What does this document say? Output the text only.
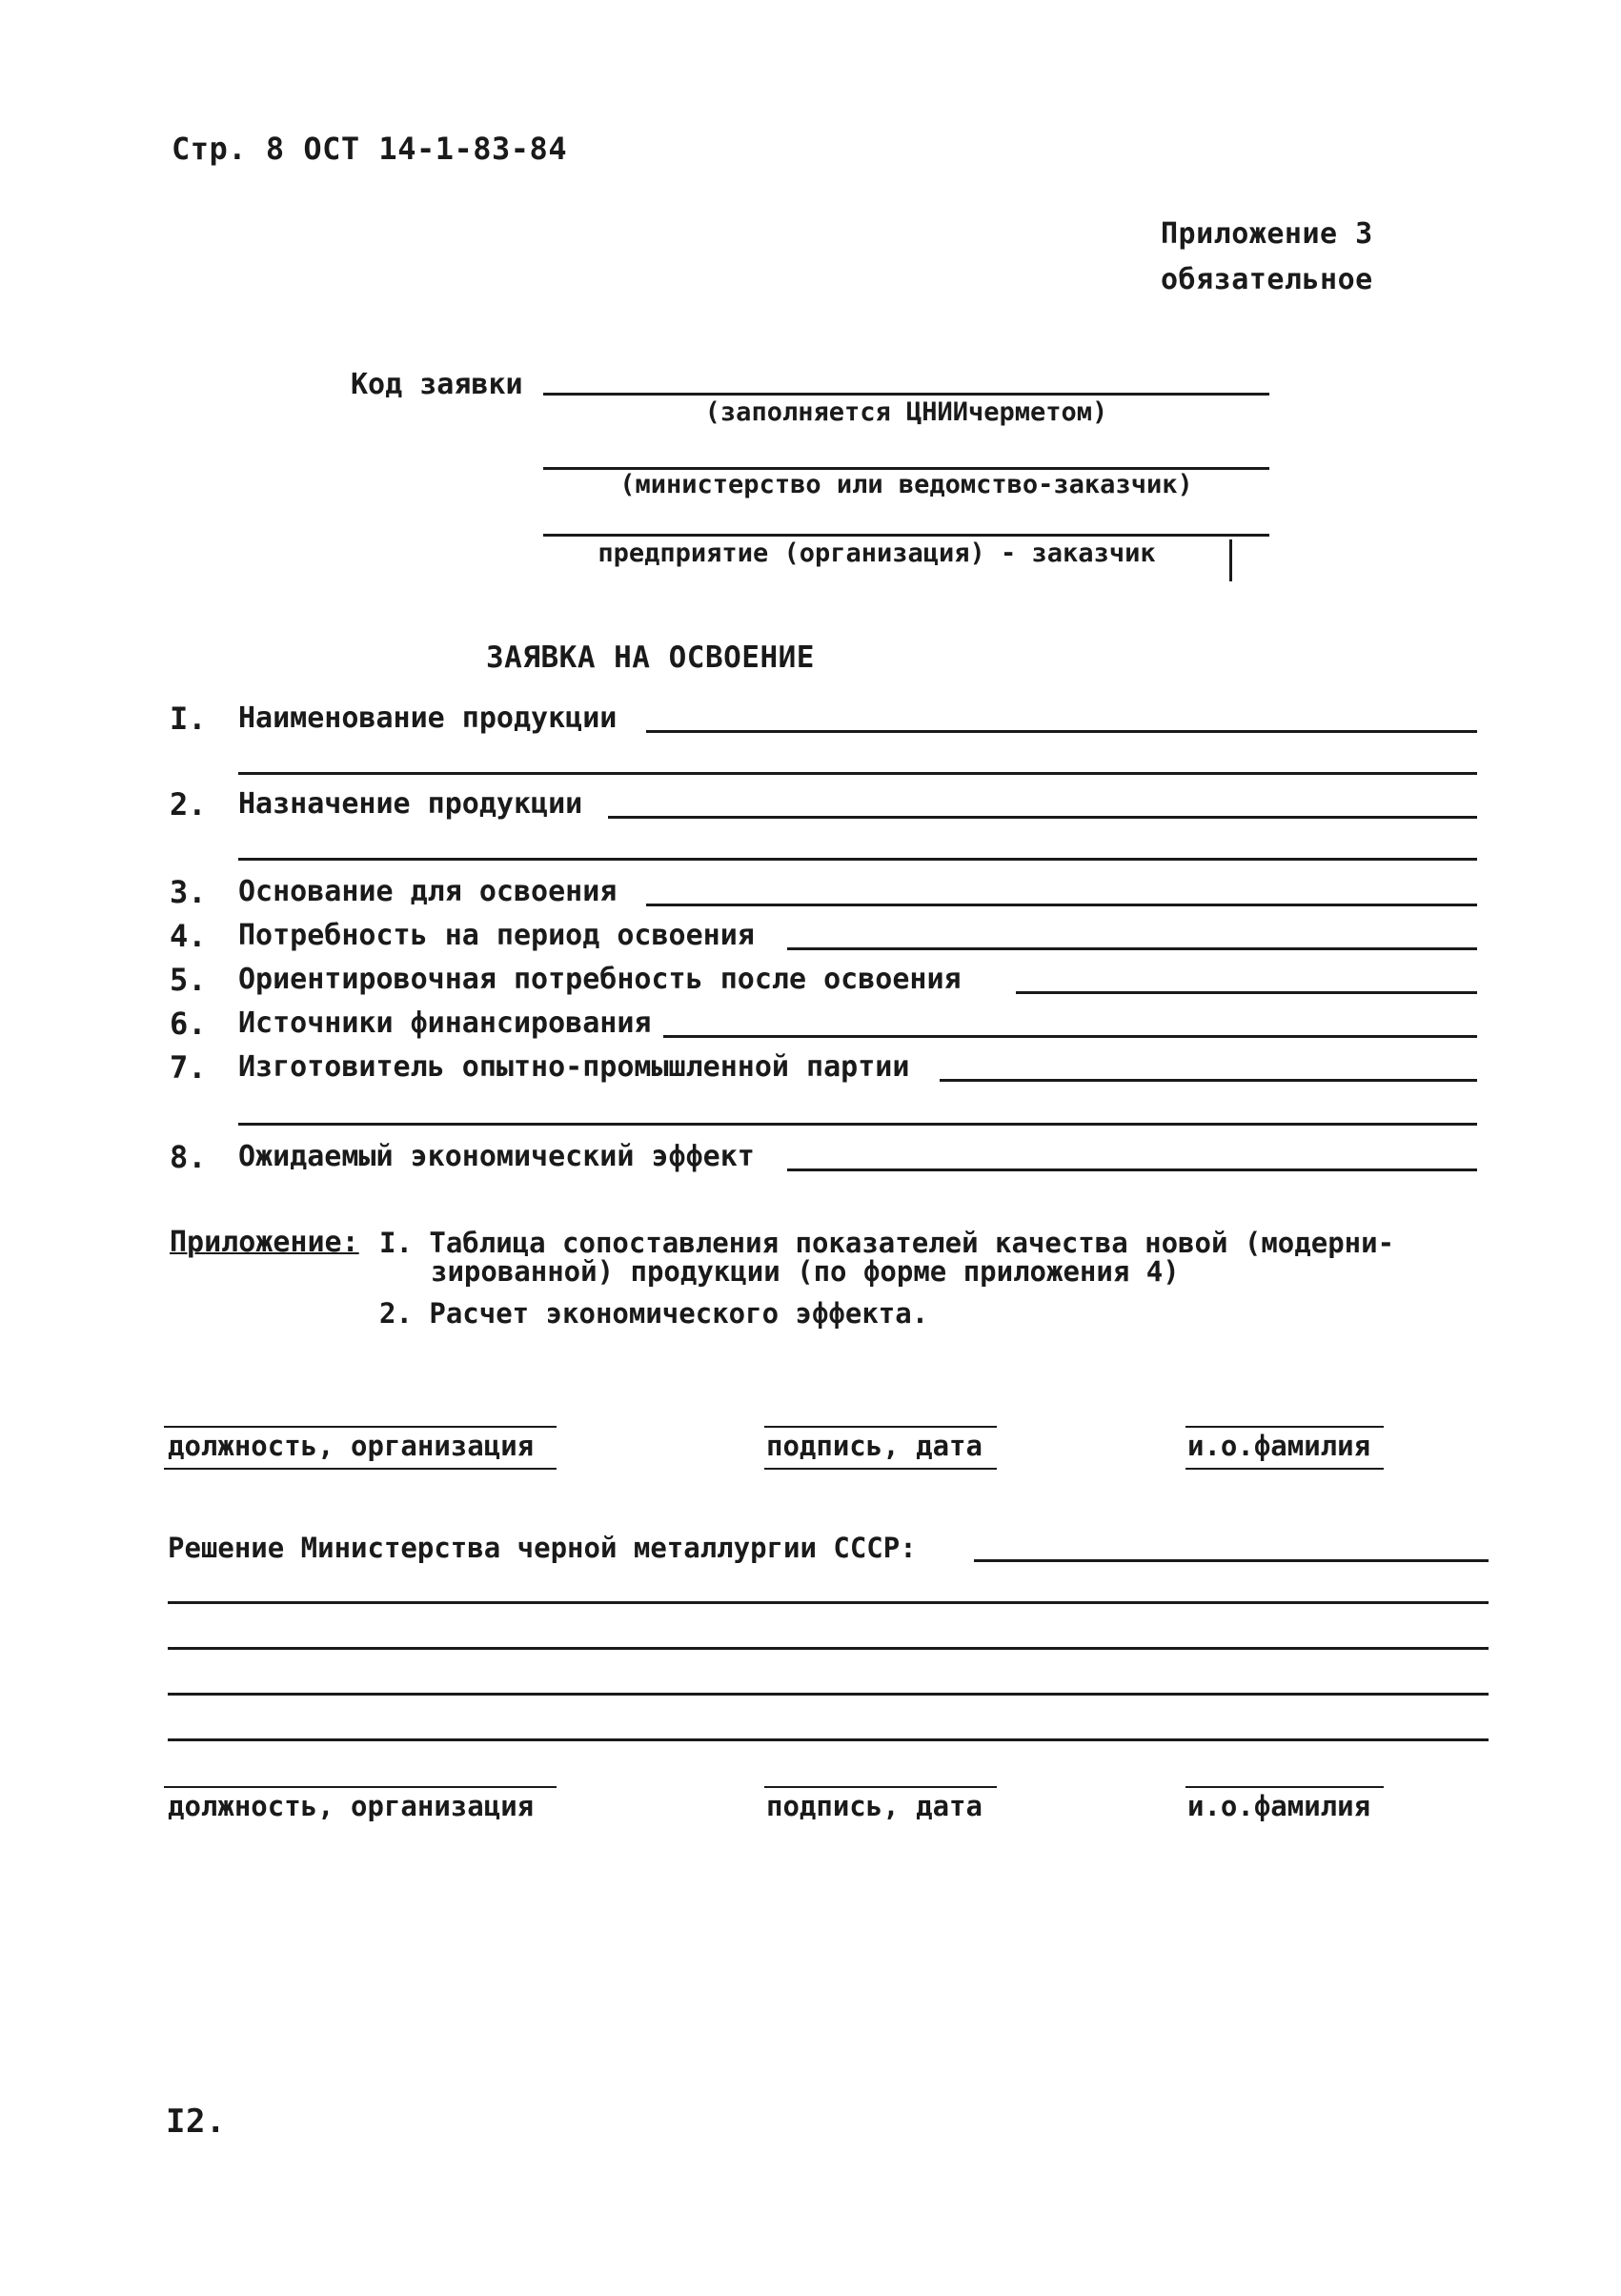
Стр. 8 ОСТ 14-1-83-84
Приложение 3
обязательное
Код заявки
(заполняется ЦНИИчерметом)
(министерство или ведомство-заказчик)
предприятие (организация) - заказчик
ЗАЯВКА НА ОСВОЕНИЕ
I.	Наименование продукции
2.	Назначение продукции
3.	Основание для освоения
4.	Потребность на период освоения
5.	Ориентировочная потребность после освоения
6.	Источники финансирования
7.	Изготовитель опытно-промышленной партии
8.	Ожидаемый экономический эффект
Приложение: I. Таблица сопоставления показателей качества новой (модерни-
зированной) продукции (по форме приложения 4)
2. Расчет экономического эффекта.
должность, организация	подпись, дата	и.о.фамилия
Решение Министерства черной металлургии СССР:
должность, организация	подпись, дата	и.о.фамилия
I2.
